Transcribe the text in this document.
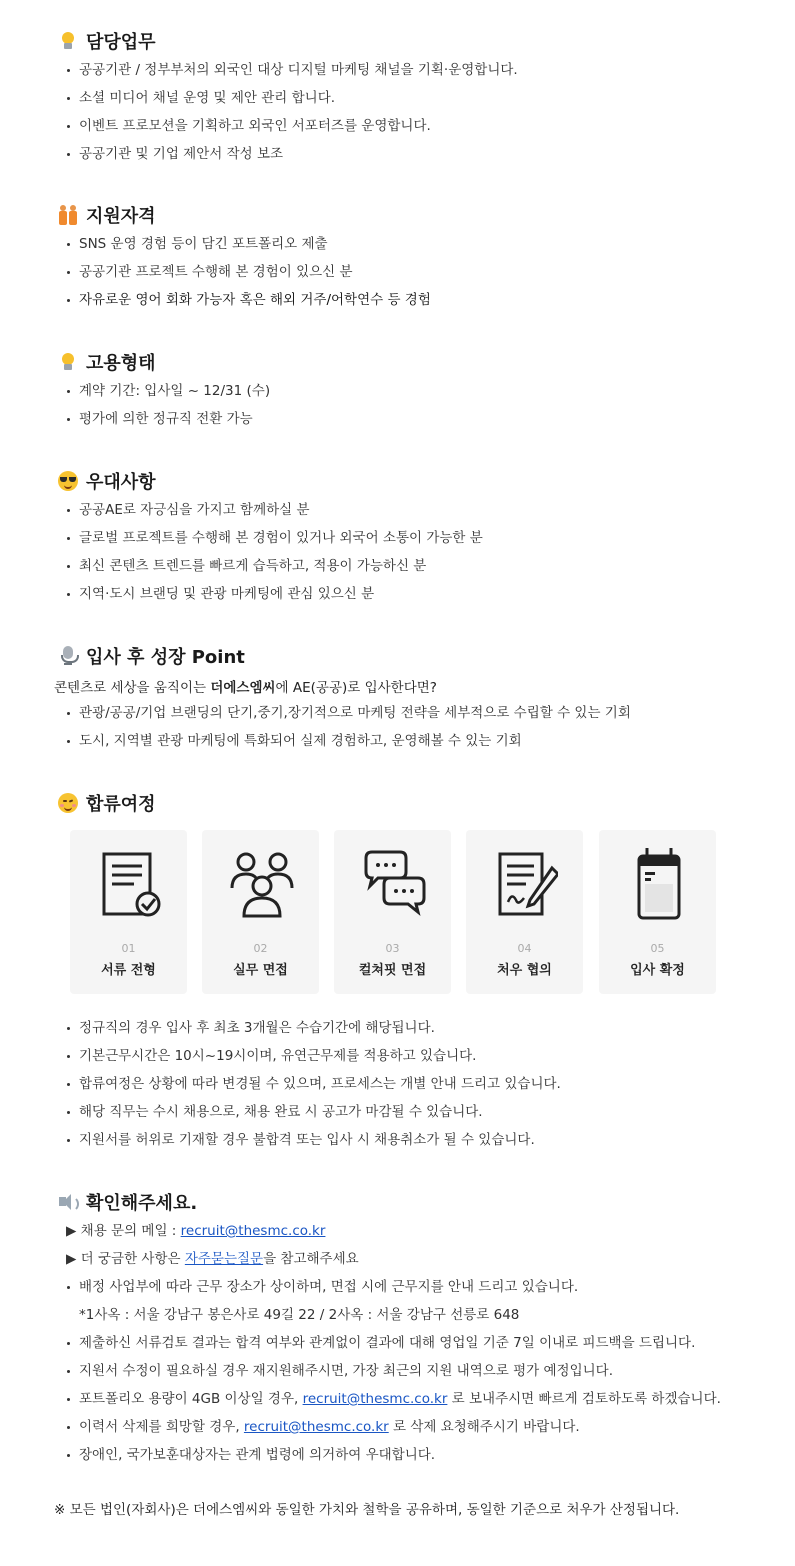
담당업무
공공기관 / 정부부처의 외국인 대상 디지털 마케팅 채널을 기획·운영합니다.
소셜 미디어 채널 운영 및 제안 관리 합니다.
이벤트 프로모션을 기획하고 외국인 서포터즈를 운영합니다.
공공기관 및 기업 제안서 작성 보조
지원자격
SNS 운영 경험 등이 담긴 포트폴리오 제출
공공기관 프로젝트 수행해 본 경험이 있으신 분
자유로운 영어 회화 가능자 혹은 해외 거주/어학연수 등 경험
고용형태
계약 기간: 입사일 ~ 12/31 (수)
평가에 의한 정규직 전환 가능
우대사항
공공AE로 자긍심을 가지고 함께하실 분
글로벌 프로젝트를 수행해 본 경험이 있거나 외국어 소통이 가능한 분
최신 콘텐츠 트렌드를 빠르게 습득하고, 적용이 가능하신 분
지역·도시 브랜딩 및 관광 마케팅에 관심 있으신 분
입사 후 성장 Point
콘텐츠로 세상을 움직이는 더에스엠씨에 AE(공공)로 입사한다면?
관광/공공/기업 브랜딩의 단기,중기,장기적으로 마케팅 전략을 세부적으로 수립할 수 있는 기회
도시, 지역별 관광 마케팅에 특화되어 실제 경험하고, 운영해볼 수 있는 기회
합류여정
01
서류 전형
02
실무 면접
03
컬쳐핏 면접
04
처우 협의
05
입사 확정
정규직의 경우 입사 후 최초 3개월은 수습기간에 해당됩니다.
기본근무시간은 10시~19시이며, 유연근무제를 적용하고 있습니다.
합류여정은 상황에 따라 변경될 수 있으며, 프로세스는 개별 안내 드리고 있습니다.
해당 직무는 수시 채용으로, 채용 완료 시 공고가 마감될 수 있습니다.
지원서를 허위로 기재할 경우 불합격 또는 입사 시 채용취소가 될 수 있습니다.
확인해주세요.
▶ 채용 문의 메일 : recruit@thesmc.co.kr
▶ 더 궁금한 사항은 자주묻는질문을 참고해주세요
배정 사업부에 따라 근무 장소가 상이하며, 면접 시에 근무지를 안내 드리고 있습니다.
*1사옥 : 서울 강남구 봉은사로 49길 22 / 2사옥 : 서울 강남구 선릉로 648
제출하신 서류검토 결과는 합격 여부와 관계없이 결과에 대해 영업일 기준 7일 이내로 피드백을 드립니다.
지원서 수정이 필요하실 경우 재지원해주시면, 가장 최근의 지원 내역으로 평가 예정입니다.
포트폴리오 용량이 4GB 이상일 경우, recruit@thesmc.co.kr 로 보내주시면 빠르게 검토하도록 하겠습니다.
이력서 삭제를 희망할 경우, recruit@thesmc.co.kr 로 삭제 요청해주시기 바랍니다.
장애인, 국가보훈대상자는 관계 법령에 의거하여 우대합니다.
※ 모든 법인(자회사)은 더에스엠씨와 동일한 가치와 철학을 공유하며, 동일한 기준으로 처우가 산정됩니다.
